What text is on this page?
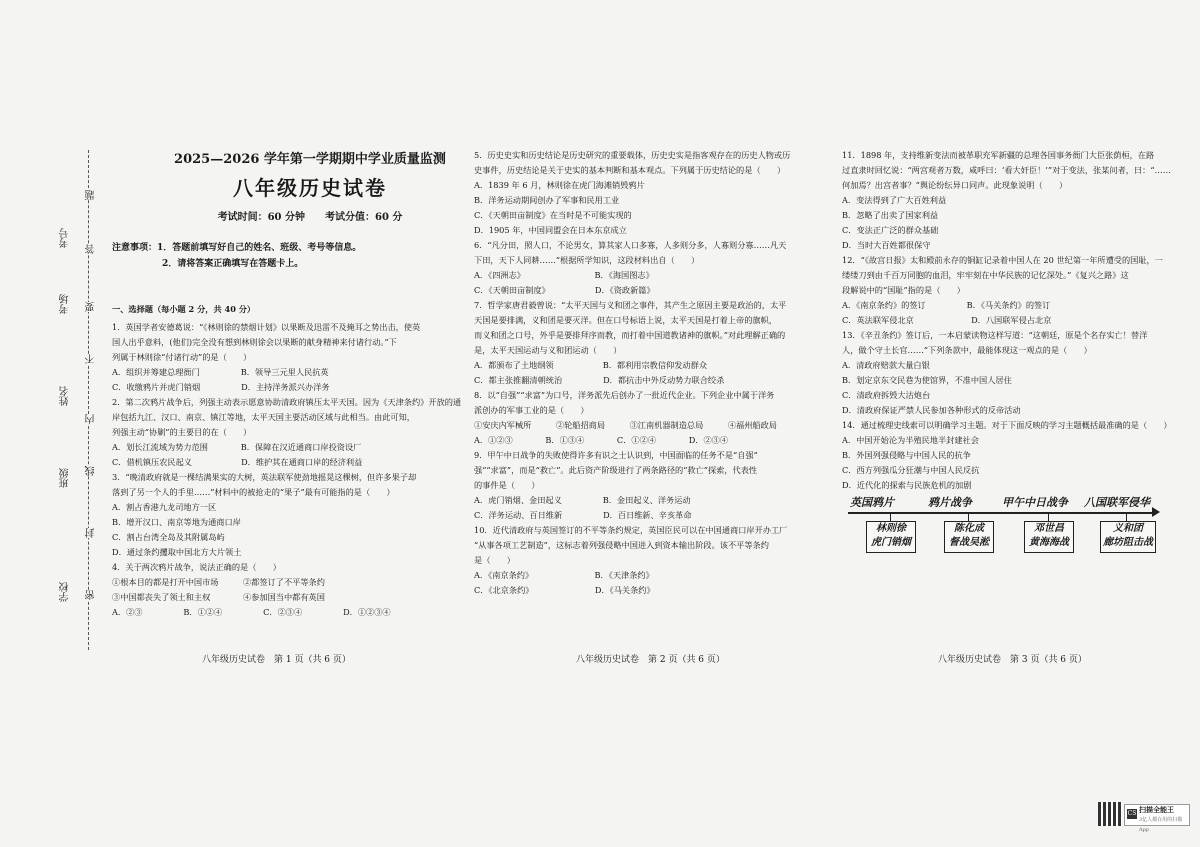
学校
班级
姓名
考场
考号
密
封
线
内
不
要
答
题
2025—2026 学年第一学期期中学业质量监测
八年级历史试卷
考试时间：60 分钟　　考试分值：60 分
注意事项：1．答题前填写好自己的姓名、班级、考号等信息。
2．请将答案正确填写在答题卡上。

一、选择题（每小题 2 分，共 40 分）

1．英国学者安德葛说：“《林则徐的禁烟计划》以果断及迅雷不及掩耳之势出击，使英

国人出乎意料，(他们)完全没有想到林则徐会以果断的献身精神来付诸行动。”下

列属于林则徐“付诸行动”的是（　　）

A．组织并筹建总理衙门　　　　　B．领导三元里人民抗英

C．收缴鸦片并虎门销烟　　　　　D．主持洋务派兴办洋务

2．第二次鸦片战争后，列强主动表示愿意协助清政府镇压太平天国。因为《天津条约》开放的通

岸包括九江、汉口、南京、镇江等地，太平天国主要活动区域与此相当。由此可知，

列强主动“协剿”的主要目的在（　　）

A．划长江流域为势力范围　　　　B．保障在汉近通商口岸投资设厂

C．借机镇压农民起义　　　　　　D．维护其在通商口岸的经济利益

3．“晚清政府就是一棵结满果实的大树，英法联军使劲地摇晃这棵树，但许多果子却

落到了另一个人的手里……”材料中的被抢走的“果子”最有可能指的是（　　）

A．割占香港九龙司地方一区

B．增开汉口、南京等地为通商口岸

C．割占台湾全岛及其附属岛屿

D．通过条约攫取中国北方大片领土

4．关于两次鸦片战争，说法正确的是（　　）

①根本目的都是打开中国市场　　　②都签订了不平等条约

③中国都丧失了领土和主权　　　　④参加国当中都有英国

A．②③　　　　　B．①②④　　　　　C．②③④　　　　　D．①②③④

八年级历史试卷　第 1 页（共 6 页）

5．历史史实和历史结论是历史研究的重要载体，历史史实是指客观存在的历史人物或历

史事件，历史结论是关于史实的基本判断和基本观点。下列属于历史结论的是（　　）

A．1839 年 6 月，林则徐在虎门海滩销毁鸦片

B．洋务运动期间创办了军事和民用工业

C．《天朝田亩制度》在当时是不可能实现的

D．1905 年，中国同盟会在日本东京成立

6．“凡分田，照人口，不论男女，算其家人口多寡，人多则分多，人寡则分寡……凡天

下田，天下人同耕……”根据所学知识，这段材料出自（　　）

A．《四洲志》　　　　　　　　　B．《海国图志》

C．《天朝田亩制度》　　　　　　D．《资政新篇》

7．哲学家唐君毅曾说：“太平天国与义和团之事件，其产生之原因主要是政治的，太平

天国是要排满，义和团是要灭洋。但在口号标语上说，太平天国是打着上帝的旗帜，

而义和团之口号，外乎是要排拜序而教，而打着中国道教诸神的旗帜。”对此理解正确的

是，太平天国运动与义和团运动（　　）

A．都颁布了土地纲领　　　　　　B．都利用宗教信仰发动群众

C．都主张推翻清朝统治　　　　　D．都抗击中外反动势力联合绞杀

8．以“自强”“求富”为口号，洋务派先后创办了一批近代企业。下列企业中属于洋务

派创办的军事工业的是（　　）

①安庆内军械所　　　②轮船招商局　　　③江南机器制造总局　　　④福州船政局

A．①②③　　　　B．①③④　　　　C．①②④　　　　D．②③④

9．甲午中日战争的失败使得许多有识之士认识到，中国面临的任务不是“自强”

强”“求富”，而是“救亡”。此后资产阶级进行了两条路径的“救亡”探索，代表性

的事件是（　　）

A．虎门销烟、金田起义　　　　　B．金田起义、洋务运动

C．洋务运动、百日维新　　　　　D．百日维新、辛亥革命

10．近代清政府与英国签订的不平等条约规定，英国臣民可以在中国通商口岸开办工厂

“从事各项工艺制造”，这标志着列强侵略中国进入到资本输出阶段。该不平等条约

是（　　）

A．《南京条约》　　　　　　　　B．《天津条约》

C．《北京条约》　　　　　　　　D．《马关条约》

八年级历史试卷　第 2 页（共 6 页）

11．1898 年，支持维新变法而被革职充军新疆的总理各国事务衙门大臣张荫桓，在路

过直隶时回忆说：“两宫观者万数，咸呼曰：‘看大奸臣！’”对于变法，张某问者，曰：“……

何加焉？出宫者事？”舆论纷纭异口同声。此现象说明（　　）

A．变法得到了广大百姓利益

B．忽略了出卖了国家利益

C．变法正广泛的群众基础

D．当时大百姓都很保守

12．“《故宫日报》太和殿前永存的铜缸记录着中国人在 20 世纪第一年所遭受的国耻，一

缕缕刀到由千百万同胞的血泪，牢牢刻在中华民族的记忆深处。”《复兴之路》这

段解说中的“国耻”指的是（　　）

A．《南京条约》的签订　　　　　B．《马关条约》的签订

C．英法联军侵北京　　　　　　　D．八国联军侵占北京

13．《辛丑条约》签订后，一本启蒙读物这样写道：“这朝廷，原是个名存实亡！替洋

人，做个守土长官……”下列条款中，最能体现这一观点的是（　　）

A．清政府赔款大量白银

B．划定京东交民巷为使馆界，不准中国人居住

C．清政府拆毁大沽炮台

D．清政府保证严禁人民参加各种形式的反帝活动

14．通过梳理史线索可以明确学习主题。对于下面反映的学习主题概括最准确的是（　　）

A．中国开始沦为半殖民地半封建社会

B．外国列强侵略与中国人民的抗争

C．西方列强瓜分狂潮与中国人民反抗

D．近代化的探索与民族危机的加剧

八年级历史试卷　第 3 页（共 6 页）
英国鸦片	鸦片战争	甲午中日战争 八国联军侵华
林则徐
虎门销烟
陈化成
督战吴淞
邓世昌
黄海海战
义和团
廊坊阻击战
CS 扫描全能王
3亿人都在用的扫描App
